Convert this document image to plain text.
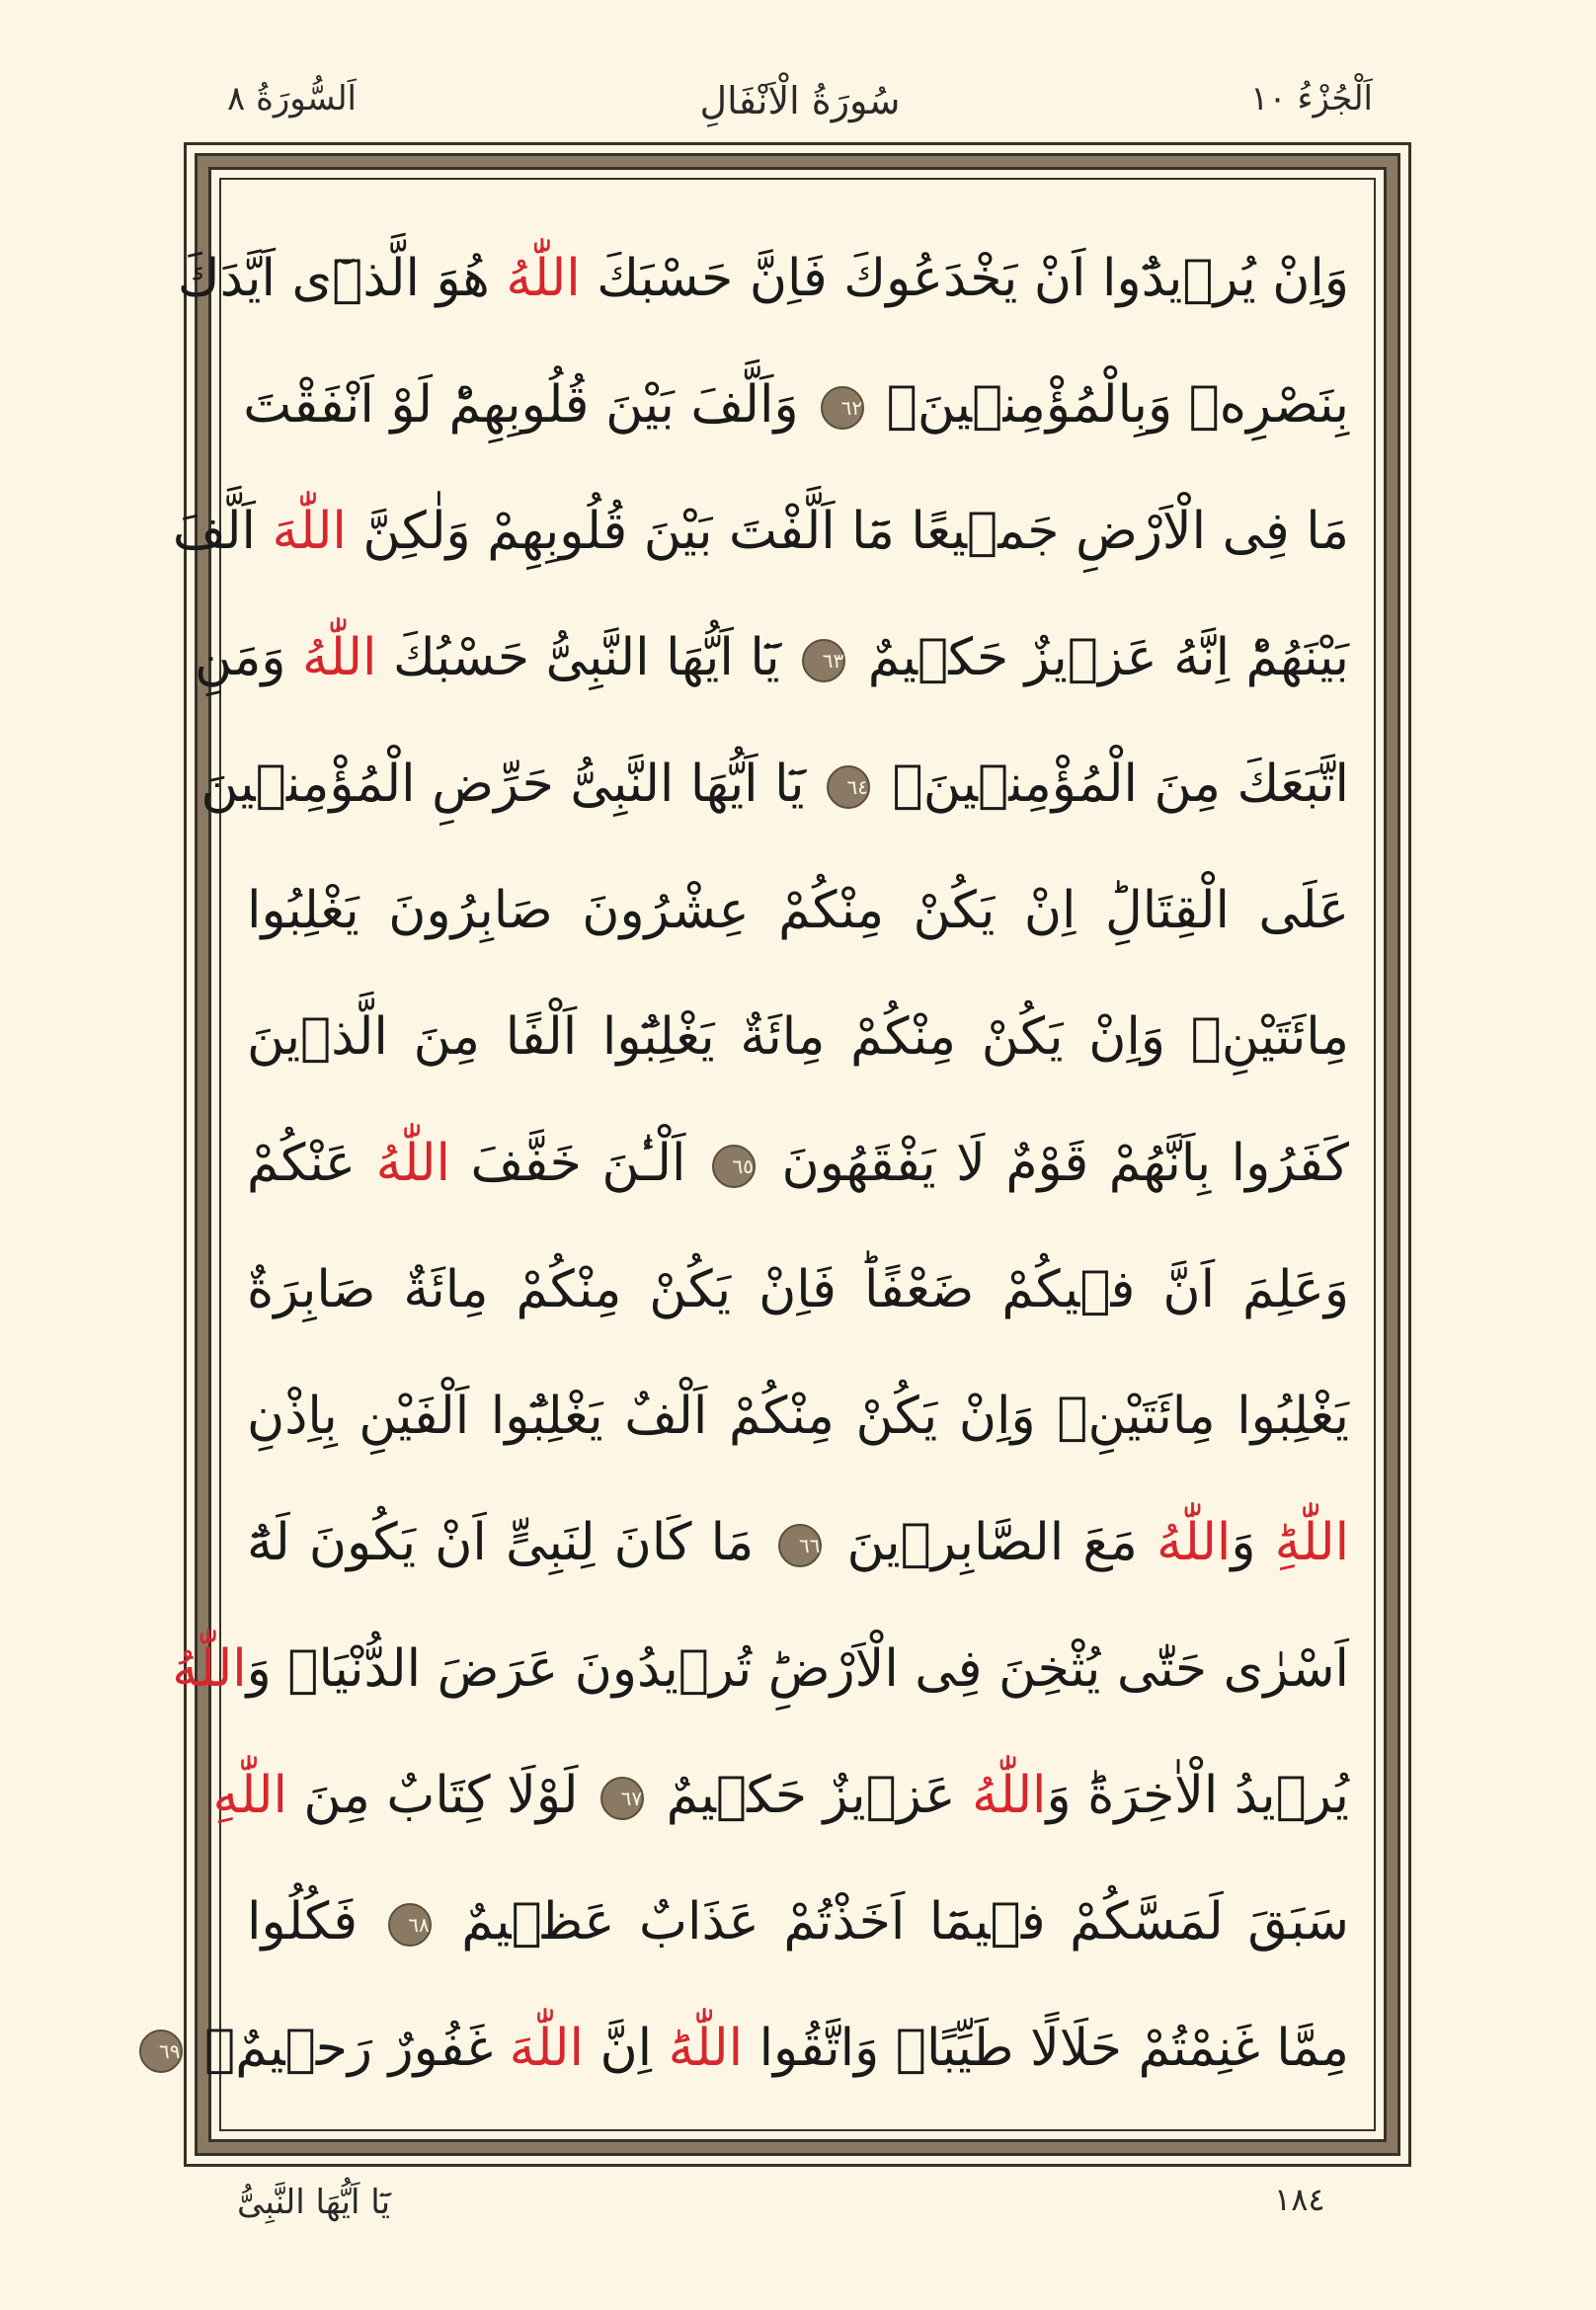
اَلْجُزْءُ ١٠
سُورَةُ الْاَنْفَالِ
اَلسُّورَةُ ٨
وَاِنْ يُرٖيدُٓوا اَنْ يَخْدَعُوكَ فَاِنَّ حَسْبَكَ اللّٰهُ هُوَ الَّذٖٓى اَيَّدَكَ
بِنَصْرِهٖ وَبِالْمُؤْمِنٖينَۙ ٦٢ وَاَلَّفَ بَيْنَ قُلُوبِهِمْؕ لَوْ اَنْفَقْتَ
مَا فِى الْاَرْضِ جَمٖيعًا مَٓا اَلَّفْتَ بَيْنَ قُلُوبِهِمْ وَلٰكِنَّ اللّٰهَ اَلَّفَ
بَيْنَهُمْؕ اِنَّهُ عَزٖيزٌ حَكٖيمٌ ٦٣ يَٓا اَيُّهَا النَّبِىُّ حَسْبُكَ اللّٰهُ وَمَنِ
اتَّبَعَكَ مِنَ الْمُؤْمِنٖينَ۟ ٦٤ يَٓا اَيُّهَا النَّبِىُّ حَرِّضِ الْمُؤْمِنٖينَ
عَلَى الْقِتَالِؕ اِنْ يَكُنْ مِنْكُمْ عِشْرُونَ صَابِرُونَ يَغْلِبُوا
مِائَتَيْنِۚ وَاِنْ يَكُنْ مِنْكُمْ مِائَةٌ يَغْلِبُٓوا اَلْفًا مِنَ الَّذٖينَ
كَفَرُوا بِاَنَّهُمْ قَوْمٌ لَا يَفْقَهُونَ ٦٥ اَلْـٰٔنَ خَفَّفَ اللّٰهُ عَنْكُمْ
وَعَلِمَ اَنَّ فٖيكُمْ ضَعْفًاؕ فَاِنْ يَكُنْ مِنْكُمْ مِائَةٌ صَابِرَةٌ
يَغْلِبُوا مِائَتَيْنِۚ وَاِنْ يَكُنْ مِنْكُمْ اَلْفٌ يَغْلِبُٓوا اَلْفَيْنِ بِاِذْنِ
اللّٰهِؕ وَاللّٰهُ مَعَ الصَّابِرٖينَ ٦٦ مَا كَانَ لِنَبِىٍّ اَنْ يَكُونَ لَهُٓ
اَسْرٰى حَتّٰى يُثْخِنَ فِى الْاَرْضِؕ تُرٖيدُونَ عَرَضَ الدُّنْيَاۗ وَاللّٰهُ
يُرٖيدُ الْاٰخِرَةَؕ وَاللّٰهُ عَزٖيزٌ حَكٖيمٌ ٦٧ لَوْلَا كِتَابٌ مِنَ اللّٰهِ
سَبَقَ لَمَسَّكُمْ فٖيمَٓا اَخَذْتُمْ عَذَابٌ عَظٖيمٌ ٦٨ فَكُلُوا
مِمَّا غَنِمْتُمْ حَلَالًا طَيِّبًاۘ وَاتَّقُوا اللّٰهَؕ اِنَّ اللّٰهَ غَفُورٌ رَحٖيمٌ۟ ٦٩
١٨٤
يَٓا اَيُّهَا النَّبِىُّ
